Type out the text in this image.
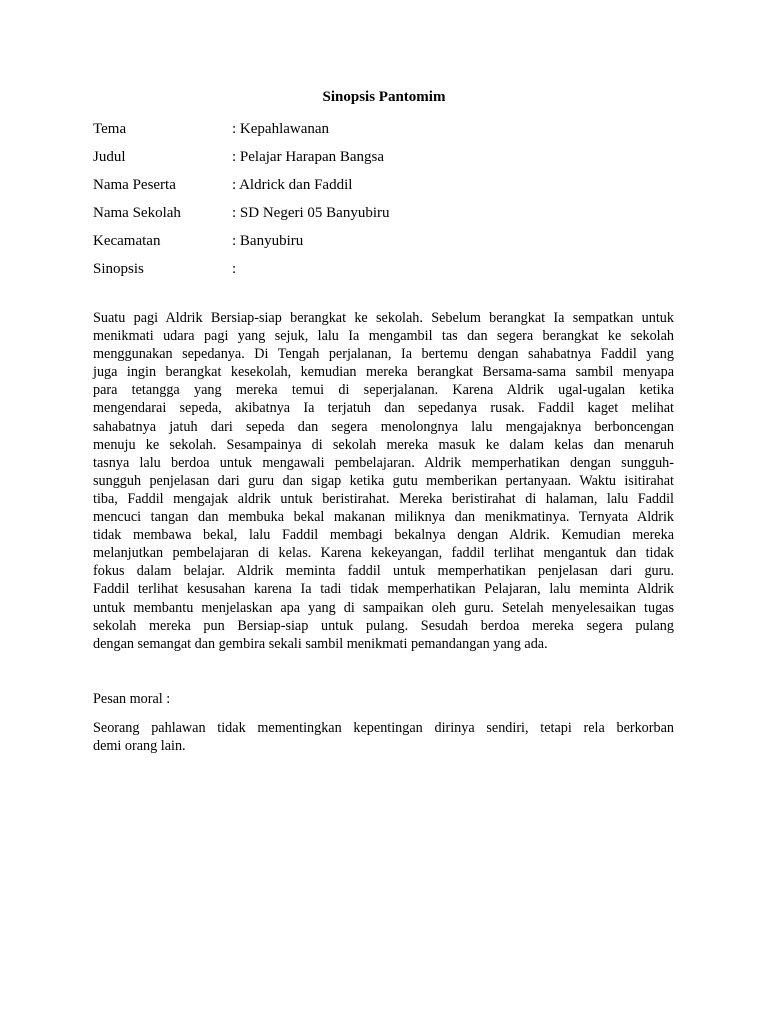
Sinopsis Pantomim
Tema	: Kepahlawanan
Judul	: Pelajar Harapan Bangsa
Nama Peserta	: Aldrick dan Faddil
Nama Sekolah	: SD Negeri 05 Banyubiru
Kecamatan	: Banyubiru
Sinopsis	:
Suatu pagi Aldrik Bersiap-siap berangkat ke sekolah. Sebelum berangkat Ia sempatkan untuk
menikmati udara pagi yang sejuk, lalu Ia mengambil tas dan segera berangkat ke sekolah
menggunakan sepedanya. Di Tengah perjalanan, Ia bertemu dengan sahabatnya Faddil yang
juga ingin berangkat kesekolah, kemudian mereka berangkat Bersama-sama sambil menyapa
para tetangga yang mereka temui di seperjalanan. Karena Aldrik ugal-ugalan ketika
mengendarai sepeda, akibatnya Ia terjatuh dan sepedanya rusak. Faddil kaget melihat
sahabatnya jatuh dari sepeda dan segera menolongnya lalu mengajaknya berboncengan
menuju ke sekolah. Sesampainya di sekolah mereka masuk ke dalam kelas dan menaruh
tasnya lalu berdoa untuk mengawali pembelajaran. Aldrik memperhatikan dengan sungguh-
sungguh penjelasan dari guru dan sigap ketika gutu memberikan pertanyaan. Waktu isitirahat
tiba, Faddil mengajak aldrik untuk beristirahat. Mereka beristirahat di halaman, lalu Faddil
mencuci tangan dan membuka bekal makanan miliknya dan menikmatinya. Ternyata Aldrik
tidak membawa bekal, lalu Faddil membagi bekalnya dengan Aldrik. Kemudian mereka
melanjutkan pembelajaran di kelas. Karena kekeyangan, faddil terlihat mengantuk dan tidak
fokus dalam belajar. Aldrik meminta faddil untuk memperhatikan penjelasan dari guru.
Faddil terlihat kesusahan karena Ia tadi tidak memperhatikan Pelajaran, lalu meminta Aldrik
untuk membantu menjelaskan apa yang di sampaikan oleh guru. Setelah menyelesaikan tugas
sekolah mereka pun Bersiap-siap untuk pulang. Sesudah berdoa mereka segera pulang
dengan semangat dan gembira sekali sambil menikmati pemandangan yang ada.
Pesan moral :
Seorang pahlawan tidak mementingkan kepentingan dirinya sendiri, tetapi rela berkorban
demi orang lain.
